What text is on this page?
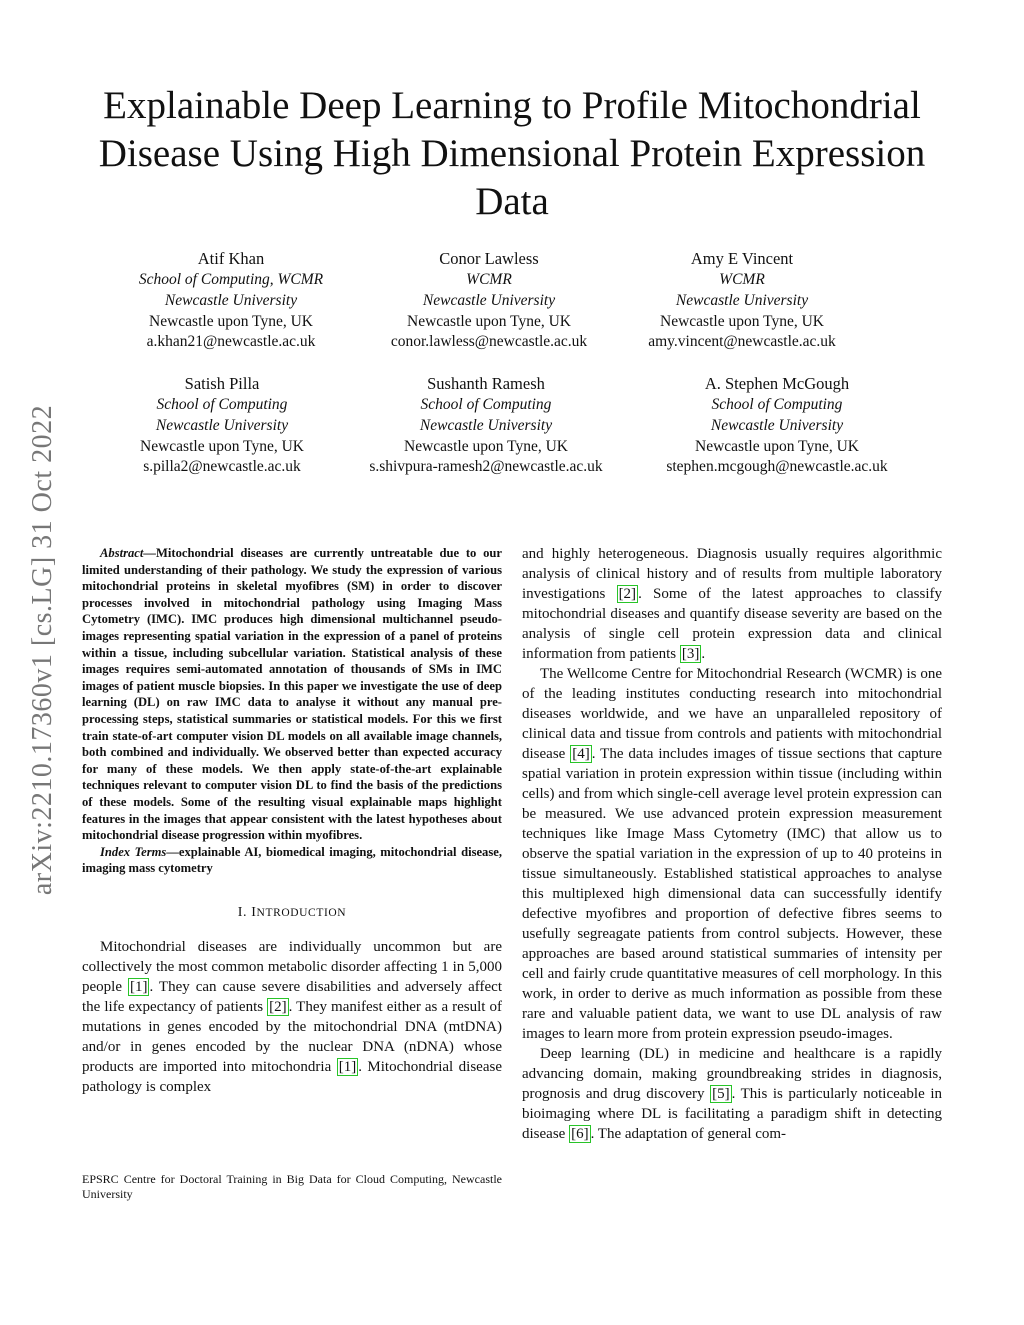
arXiv:2210.17360v1 [cs.LG] 31 Oct 2022
Explainable Deep Learning to Profile Mitochondrial Disease Using High Dimensional Protein Expression Data
Atif Khan
School of Computing, WCMR
Newcastle University
Newcastle upon Tyne, UK
a.khan21@newcastle.ac.uk
Conor Lawless
WCMR
Newcastle University
Newcastle upon Tyne, UK
conor.lawless@newcastle.ac.uk
Amy E Vincent
WCMR
Newcastle University
Newcastle upon Tyne, UK
amy.vincent@newcastle.ac.uk
Satish Pilla
School of Computing
Newcastle University
Newcastle upon Tyne, UK
s.pilla2@newcastle.ac.uk
Sushanth Ramesh
School of Computing
Newcastle University
Newcastle upon Tyne, UK
s.shivpura-ramesh2@newcastle.ac.uk
A. Stephen McGough
School of Computing
Newcastle University
Newcastle upon Tyne, UK
stephen.mcgough@newcastle.ac.uk

Abstract—Mitochondrial diseases are currently untreatable due to our limited understanding of their pathology. We study the expression of various mitochondrial proteins in skeletal myofibres (SM) in order to discover processes involved in mitochondrial pathology using Imaging Mass Cytometry (IMC). IMC produces high dimensional multichannel pseudo-images representing spatial variation in the expression of a panel of proteins within a tissue, including subcellular variation. Statistical analysis of these images requires semi-automated annotation of thousands of SMs in IMC images of patient muscle biopsies. In this paper we investigate the use of deep learning (DL) on raw IMC data to analyse it without any manual pre-processing steps, statistical summaries or statistical models. For this we first train state-of-art computer vision DL models on all available image channels, both combined and individually. We observed better than expected accuracy for many of these models. We then apply state-of-the-art explainable techniques relevant to computer vision DL to find the basis of the predictions of these models. Some of the resulting visual explainable maps highlight features in the images that appear consistent with the latest hypotheses about mitochondrial disease progression within myofibres.

Index Terms—explainable AI, biomedical imaging, mitochondrial disease, imaging mass cytometry

I. INTRODUCTION

Mitochondrial diseases are individually uncommon but are collectively the most common metabolic disorder affecting 1 in 5,000 people [1] . They can cause severe disabilities and adversely affect the life expectancy of patients [2] . They manifest either as a result of mutations in genes encoded by the mitochondrial DNA (mtDNA) and/or in genes encoded by the nuclear DNA (nDNA) whose products are imported into mitochondria [1] . Mitochondrial disease pathology is complex

EPSRC Centre for Doctoral Training in Big Data for Cloud Computing, Newcastle University

and highly heterogeneous. Diagnosis usually requires algorithmic analysis of clinical history and of results from multiple laboratory investigations [2] . Some of the latest approaches to classify mitochondrial diseases and quantify disease severity are based on the analysis of single cell protein expression data and clinical information from patients [3] .

The Wellcome Centre for Mitochondrial Research (WCMR) is one of the leading institutes conducting research into mitochondrial diseases worldwide, and we have an unparalleled repository of clinical data and tissue from controls and patients with mitochondrial disease [4] . The data includes images of tissue sections that capture spatial variation in protein expression within tissue (including within cells) and from which single-cell average level protein expression can be measured. We use advanced protein expression measurement techniques like Image Mass Cytometry (IMC) that allow us to observe the spatial variation in the expression of up to 40 proteins in tissue simultaneously. Established statistical approaches to analyse this multiplexed high dimensional data can successfully identify defective myofibres and proportion of defective fibres seems to usefully segreagate patients from control subjects. However, these approaches are based around statistical summaries of intensity per cell and fairly crude quantitative measures of cell morphology. In this work, in order to derive as much information as possible from these rare and valuable patient data, we want to use DL analysis of raw images to learn more from protein expression pseudo-images.

Deep learning (DL) in medicine and healthcare is a rapidly advancing domain, making groundbreaking strides in diagnosis, prognosis and drug discovery [5] . This is particularly noticeable in bioimaging where DL is facilitating a paradigm shift in detecting disease [6] . The adaptation of general com-
